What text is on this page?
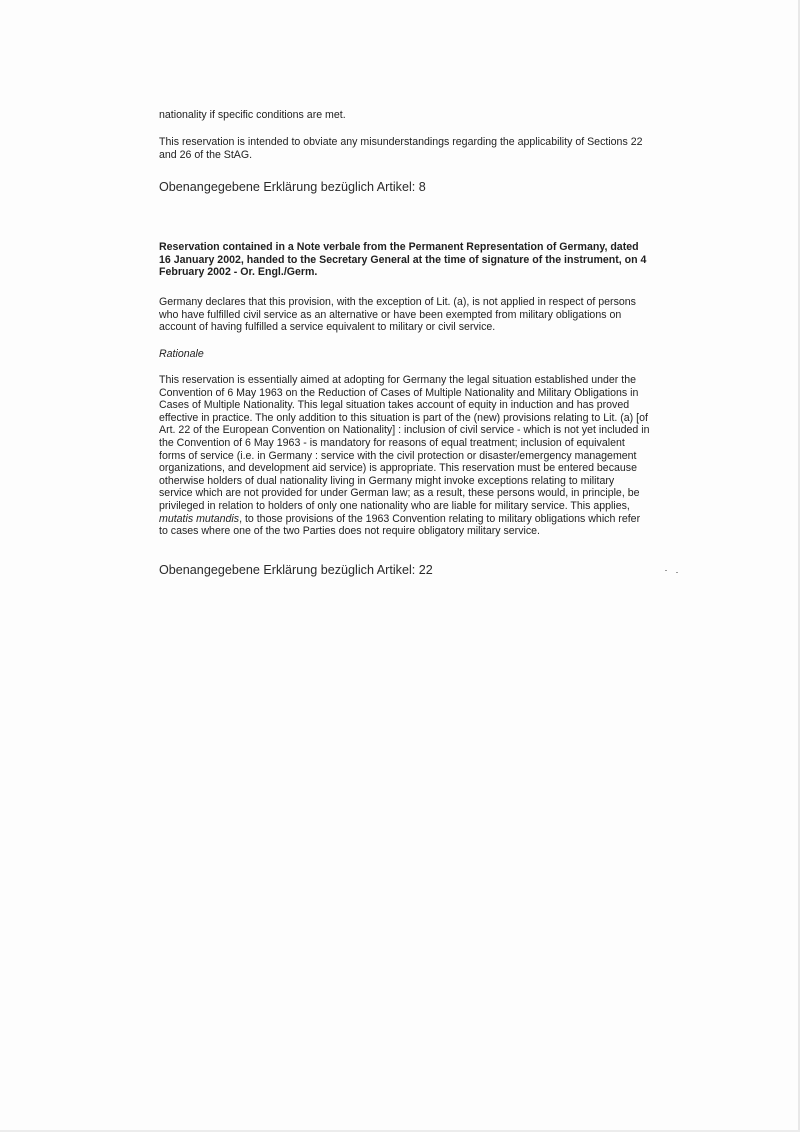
nationality if specific conditions are met.
This reservation is intended to obviate any misunderstandings regarding the applicability of Sections 22
and 26 of the StAG.
Obenangegebene Erklärung bezüglich Artikel: 8
Reservation contained in a Note verbale from the Permanent Representation of Germany, dated
16 January 2002, handed to the Secretary General at the time of signature of the instrument, on 4
February 2002 - Or. Engl./Germ.
Germany declares that this provision, with the exception of Lit. (a), is not applied in respect of persons
who have fulfilled civil service as an alternative or have been exempted from military obligations on
account of having fulfilled a service equivalent to military or civil service.
Rationale
This reservation is essentially aimed at adopting for Germany the legal situation established under the
Convention of 6 May 1963 on the Reduction of Cases of Multiple Nationality and Military Obligations in
Cases of Multiple Nationality. This legal situation takes account of equity in induction and has proved
effective in practice. The only addition to this situation is part of the (new) provisions relating to Lit. (a) [of
Art. 22 of the European Convention on Nationality] : inclusion of civil service - which is not yet included in
the Convention of 6 May 1963 - is mandatory for reasons of equal treatment; inclusion of equivalent
forms of service (i.e. in Germany : service with the civil protection or disaster/emergency management
organizations, and development aid service) is appropriate. This reservation must be entered because
otherwise holders of dual nationality living in Germany might invoke exceptions relating to military
service which are not provided for under German law; as a result, these persons would, in principle, be
privileged in relation to holders of only one nationality who are liable for military service. This applies,
mutatis mutandis, to those provisions of the 1963 Convention relating to military obligations which refer
to cases where one of the two Parties does not require obligatory military service.
Obenangegebene Erklärung bezüglich Artikel: 22
